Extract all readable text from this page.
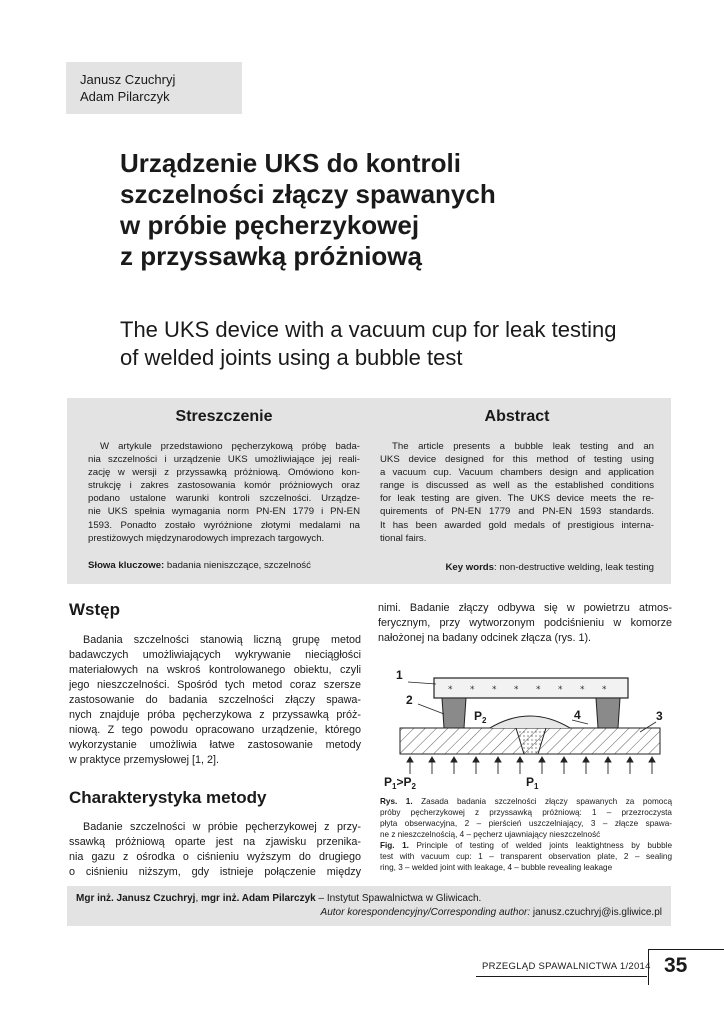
Janusz Czuchryj
Adam Pilarczyk
Urządzenie UKS do kontroli
szczelności złączy spawanych
w próbie pęcherzykowej
z przyssawką próżniową
The UKS device with a vacuum cup for leak testing
of welded joints using a bubble test
Streszczenie	Abstract
W artykule przedstawiono pęcherzykową próbę bada-
nia szczelności i urządzenie UKS umożliwiające jej reali-
zację w wersji z przyssawką próżniową. Omówiono kon-
strukcję i zakres zastosowania komór próżniowych oraz
podano ustalone warunki kontroli szczelności. Urządze-
nie UKS spełnia wymagania norm PN-EN 1779 i PN-EN
1593. Ponadto zostało wyróżnione złotymi medalami na
prestiżowych międzynarodowych imprezach targowych.
The article presents a bubble leak testing and an
UKS device designed for this method of testing using
a vacuum cup. Vacuum chambers design and application
range is discussed as well as the established conditions
for leak testing are given. The UKS device meets the re-
quirements of PN-EN 1779 and PN-EN 1593 standards.
It has been awarded gold medals of prestigious interna-
tional fairs.
Słowa kluczowe: badania nieniszczące, szczelność	Key words: non-destructive welding, leak testing
Wstęp
Badania szczelności stanowią liczną grupę metod
badawczych umożliwiających wykrywanie nieciągłości
materiałowych na wskroś kontrolowanego obiektu, czyli
jego nieszczelności. Spośród tych metod coraz szersze
zastosowanie do badania szczelności złączy spawa-
nych znajduje próba pęcherzykowa z przyssawką próż-
niową. Z tego powodu opracowano urządzenie, którego
wykorzystanie umożliwia łatwe zastosowanie metody
w praktyce przemysłowej [1, 2].
Charakterystyka metody
Badanie szczelności w próbie pęcherzykowej z przy-
ssawką próżniową oparte jest na zjawisku przenika-
nia gazu z ośrodka o ciśnieniu wyższym do drugiego
o ciśnieniu niższym, gdy istnieje połączenie między
nimi. Badanie złączy odbywa się w powietrzu atmos-
ferycznym, przy wytworzonym podciśnieniu w komorze
nałożonej na badany odcinek złącza (rys. 1).
* * * * * * * *
1
2
3
4
$P_2$
$P_1$
$P_1>P_2$
Rys. 1. Zasada badania szczelności złączy spawanych za pomocą
próby pęcherzykowej z przyssawką próżniową: 1 – przezroczysta
płyta obserwacyjna, 2 – pierścień uszczelniający, 3 – złącze spawa-
ne z nieszczelnością, 4 – pęcherz ujawniający nieszczelność
Fig. 1. Principle of testing of welded joints leaktightness by bubble
test with vacuum cup: 1 – transparent observation plate, 2 – sealing
ring, 3 – welded joint with leakage, 4 – bubble revealing leakage
Mgr inż. Janusz Czuchryj, mgr inż. Adam Pilarczyk – Instytut Spawalnictwa w Gliwicach.
Autor korespondencyjny/Corresponding author: janusz.czuchryj@is.gliwice.pl
PRZEGLĄD SPAWALNICTWA 1/2014 35
